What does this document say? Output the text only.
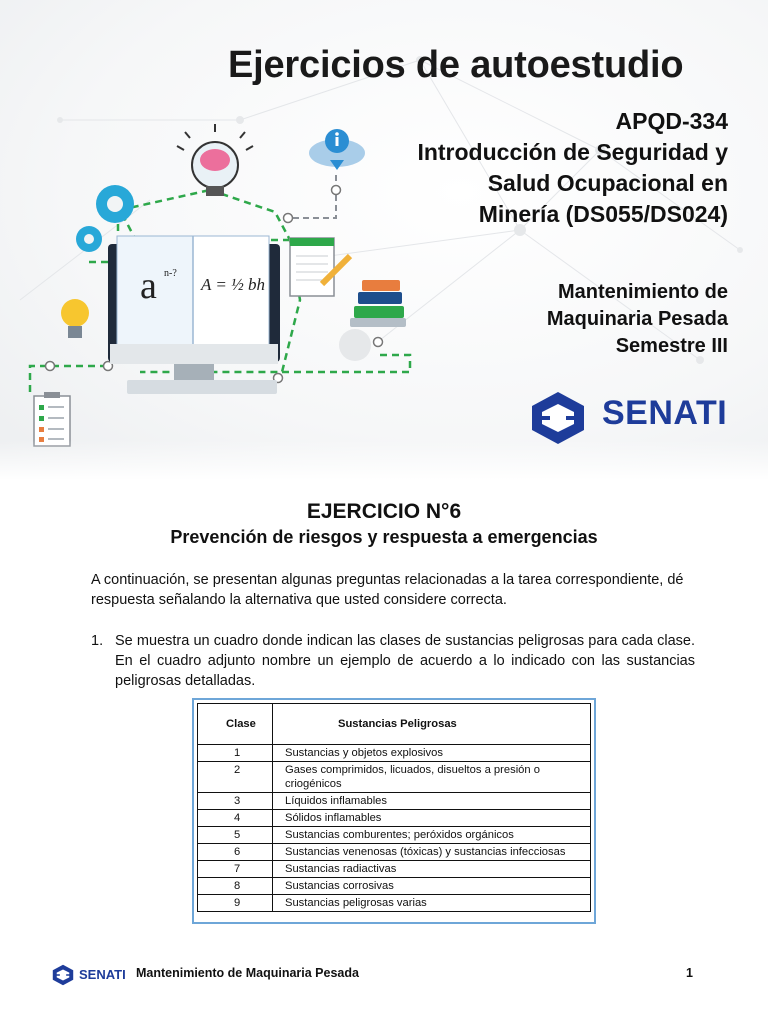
a n-?
A = ½ bh
Ejercicios de autoestudio
APQD-334
Introducción de Seguridad y
Salud Ocupacional en
Minería (DS055/DS024)
Mantenimiento de
Maquinaria Pesada
Semestre III
SENATI
EJERCICIO N°6
Prevención de riesgos y respuesta a emergencias

A continuación, se presentan algunas preguntas relacionadas a la tarea correspondiente, dé respuesta señalando la alternativa que usted considere correcta.

1. Se muestra un cuadro donde indican las clases de sustancias peligrosas para cada clase. En el cuadro adjunto nombre un ejemplo de acuerdo a lo indicado con las sustancias peligrosas detalladas.

Clase	Sustancias Peligrosas
1	Sustancias y objetos explosivos
2	Gases comprimidos, licuados, disueltos a presión o criogénicos
3	Líquidos inflamables
4	Sólidos inflamables
5	Sustancias comburentes; peróxidos orgánicos
6	Sustancias venenosas (tóxicas) y sustancias infecciosas
7	Sustancias radiactivas
8	Sustancias corrosivas
9	Sustancias peligrosas varias
SENATI Mantenimiento de Maquinaria Pesada	1
